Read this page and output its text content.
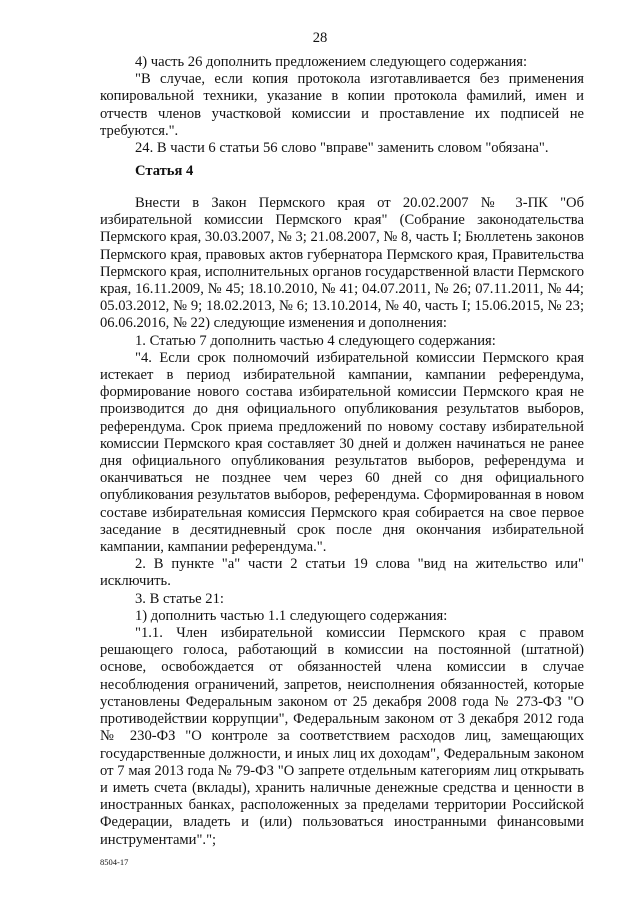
28

4) часть 26 дополнить предложением следующего содержания:

"В случае, если копия протокола изготавливается без применения копировальной техники, указание в копии протокола фамилий, имен и отчеств членов участковой комиссии и проставление их подписей не требуются.".

24. В части 6 статьи 56 слово "вправе" заменить словом "обязана".

Статья 4

Внести в Закон Пермского края от 20.02.2007 № 3-ПК "Об избирательной комиссии Пермского края" (Собрание законодательства Пермского края, 30.03.2007, № 3; 21.08.2007, № 8, часть I; Бюллетень законов Пермского края, правовых актов губернатора Пермского края, Правительства Пермского края, исполнительных органов государственной власти Пермского края, 16.11.2009, № 45; 18.10.2010, № 41; 04.07.2011, № 26; 07.11.2011, № 44; 05.03.2012, № 9; 18.02.2013, № 6; 13.10.2014, № 40, часть I; 15.06.2015, № 23; 06.06.2016, № 22) следующие изменения и дополнения:

1. Статью 7 дополнить частью 4 следующего содержания:

"4. Если срок полномочий избирательной комиссии Пермского края истекает в период избирательной кампании, кампании референдума, формирование нового состава избирательной комиссии Пермского края не производится до дня официального опубликования результатов выборов, референдума. Срок приема предложений по новому составу избирательной комиссии Пермского края составляет 30 дней и должен начинаться не ранее дня официального опубликования результатов выборов, референдума и оканчиваться не позднее чем через 60 дней со дня официального опубликования результатов выборов, референдума. Сформированная в новом составе избирательная комиссия Пермского края собирается на свое первое заседание в десятидневный срок после дня окончания избирательной кампании, кампании референдума.".

2. В пункте "а" части 2 статьи 19 слова "вид на жительство или" исключить.

3. В статье 21:

1) дополнить частью 1.1 следующего содержания:

"1.1. Член избирательной комиссии Пермского края с правом решающего голоса, работающий в комиссии на постоянной (штатной) основе, освобождается от обязанностей члена комиссии в случае несоблюдения ограничений, запретов, неисполнения обязанностей, которые установлены Федеральным законом от 25 декабря 2008 года № 273-ФЗ "О противодействии коррупции", Федеральным законом от 3 декабря 2012 года № 230-ФЗ "О контроле за соответствием расходов лиц, замещающих государственные должности, и иных лиц их доходам", Федеральным законом от 7 мая 2013 года № 79-ФЗ "О запрете отдельным категориям лиц открывать и иметь счета (вклады), хранить наличные денежные средства и ценности в иностранных банках, расположенных за пределами территории Российской Федерации, владеть и (или) пользоваться иностранными финансовыми инструментами".";

8504-17
